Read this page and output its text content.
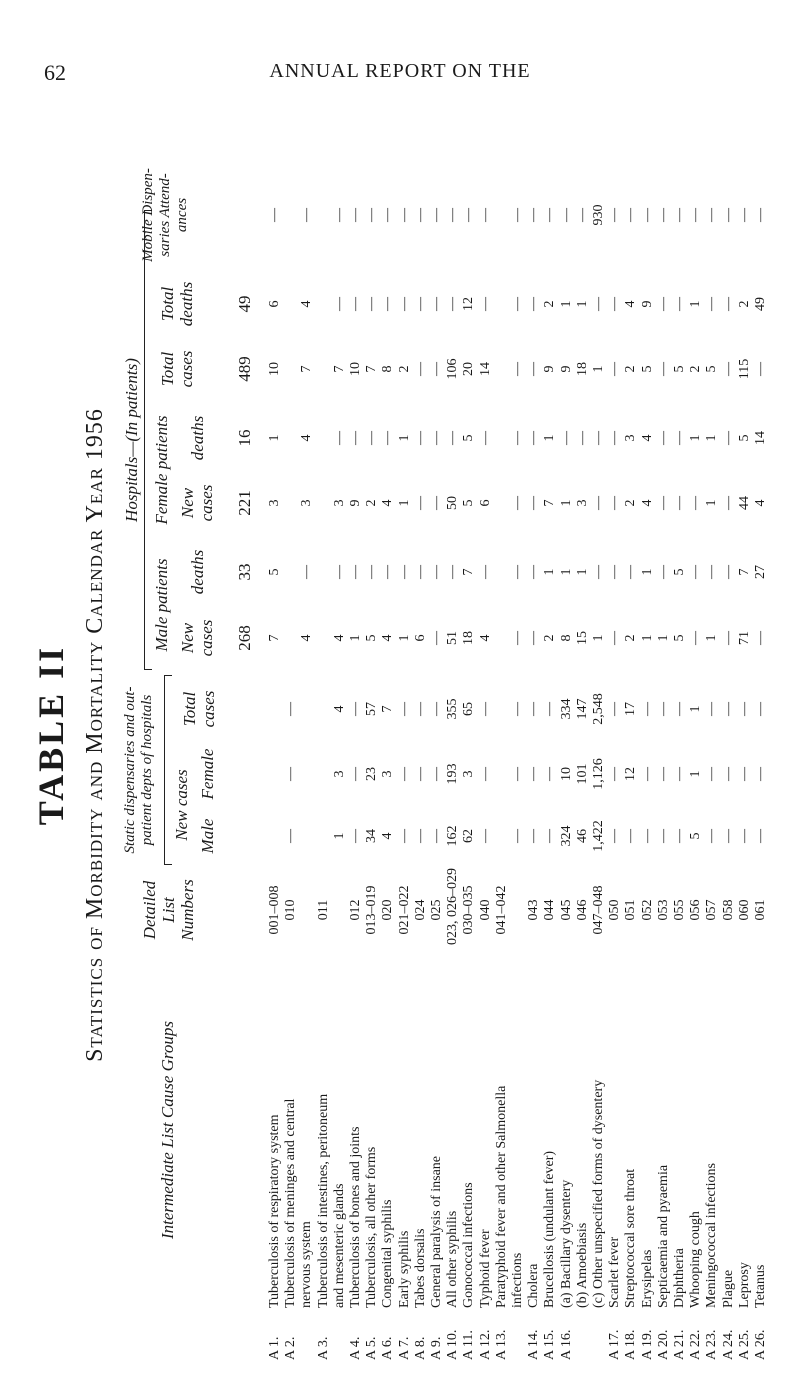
62	ANNUAL REPORT ON THE
TABLE II Statistics of Morbidity and Mortality Calendar Year 1956
Intermediate List Cause Groups
Detailed List Numbers
Static dispensaries and out-patient depts of hospitals New cases Male
Female
Total cases
Hospitals—(In patients)
Male patients
Female patients
New cases
deaths
New cases
deaths
Total cases
Total deaths
Mobile Dispen-saries Attend-ances
268
33
221
16
489
49
A 1.Tuberculosis of respiratory system
001–008
7
5
3
1
10
6
—
A 2.Tuberculosis of meninges and central
010
—
—
—
nervous system
4
—
3
4
7
4
—
A 3.Tuberculosis of intestines, peritoneum
011
and mesenteric glands
1
3
4
4
—
3
—
7
—
—
A 4.Tuberculosis of bones and joints
012
—
—
—
1
—
9
—
10
—
—
A 5.Tuberculosis, all other forms
013–019
34
23
57
5
—
2
—
7
—
—
A 6.Congenital syphilis
020
4
3
7
4
—
4
—
8
—
—
A 7.Early syphilis
021–022
—
—
—
1
—
1
1
2
—
—
A 8.Tabes dorsalis
024
—
—
—
6
—
—
—
—
—
—
A 9.General paralysis of insane
025
—
—
—
—
—
—
—
—
—
—
A 10.All other syphilis
023, 026–029
162
193
355
51
—
50
—
106
—
—
A 11.Gonococcal infections
030–035
62
3
65
18
7
5
5
20
12
—
A 12.Typhoid fever
040
—
—
—
4
—
6
—
14
—
—
A 13.Paratyphoid fever and other Salmonella
041–042
infections
—
—
—
—
—
—
—
—
—
—
A 14.Cholera
043
—
—
—
—
—
—
—
—
—
—
A 15.Brucellosis (undulant fever)
044
—
—
—
2
1
7
1
9
2
—
A 16.(a) Bacillary dysentery
045
324
10
334
8
1
1
—
9
1
—
(b) Amoebiasis
046
46
101
147
15
1
3
—
18
1
—
(c) Other unspecified forms of dysentery
047–048
1,422
1,126
2,548
1
—
—
—
1
—
930
A 17.Scarlet fever
050
—
—
—
—
—
—
—
—
—
—
A 18.Streptococcal sore throat
051
—
12
17
2
—
2
3
2
4
—
A 19.Erysipelas
052
—
—
—
1
1
4
4
5
9
—
A 20.Septicaemia and pyaemia
053
—
—
—
1
—
—
—
—
—
—
A 21.Diphtheria
055
—
—
—
5
5
—
—
5
—
—
A 22.Whooping cough
056
5
1
1
—
—
—
1
2
1
—
A 23.Meningococcal infections
057
—
—
—
1
—
1
1
5
—
—
A 24.Plague
058
—
—
—
—
—
—
—
—
—
—
A 25.Leprosy
060
—
—
—
71
7
44
5
115
2
—
A 26.Tetanus
061
—
—
—
—
27
4
14
—
49
—
